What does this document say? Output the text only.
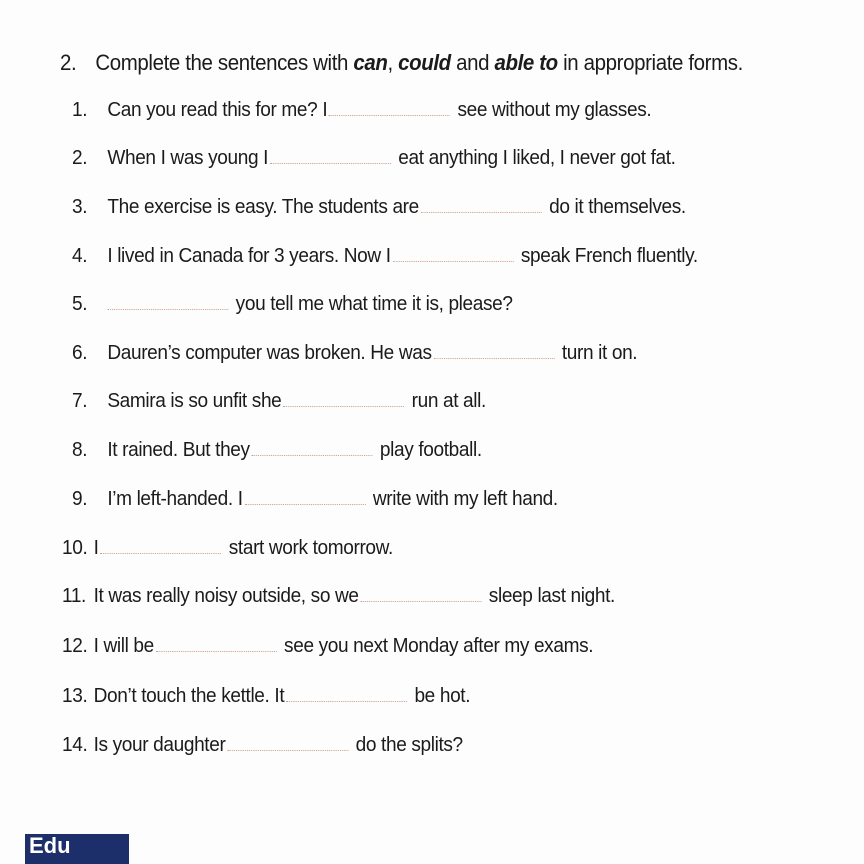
2. Complete the sentences with can , could and able to in appropriate forms.
1. Can you read this for me? I	see without my glasses.
2. When I was young I	eat anything I liked, I never got fat.
3. The exercise is easy. The students are	do it themselves.
4. I lived in Canada for 3 years. Now I	speak French fluently.
5.	you tell me what time it is, please?
6. Dauren’s computer was broken. He was	turn it on.
7. Samira is so unfit she	run at all.
8. It rained. But they	play football.
9. I’m left-handed. I	write with my left hand.
10. I	start work tomorrow.
11. It was really noisy outside, so we	sleep last night.
12. I will be	see you next Monday after my exams.
13. Don’t touch the kettle. It	be hot.
14. Is your daughter	do the splits?
Edu
